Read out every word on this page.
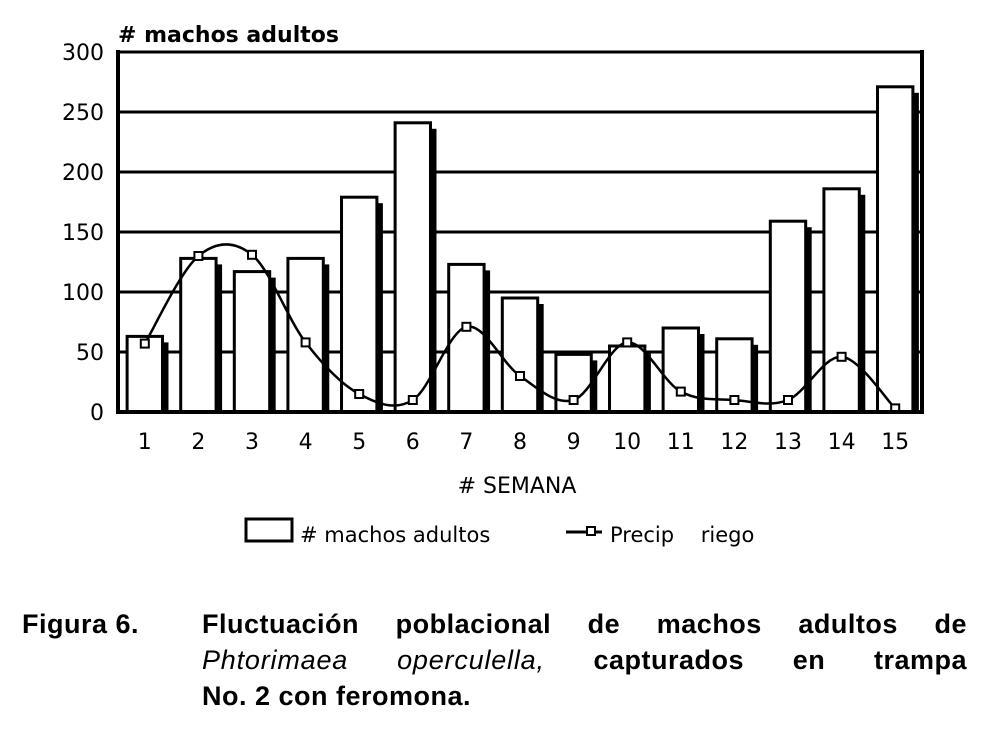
0
50
100
150
200
250
300
1 2 3 4 5 6 7 8 9 10 11 12 13 14 15
# machos adultos
# SEMANA
# machos adultos	Precip    riego
Figura 6. Fluctuación poblacional de machos adultos de
Phtorimaea operculella, capturados en trampa
No. 2 con feromona.
